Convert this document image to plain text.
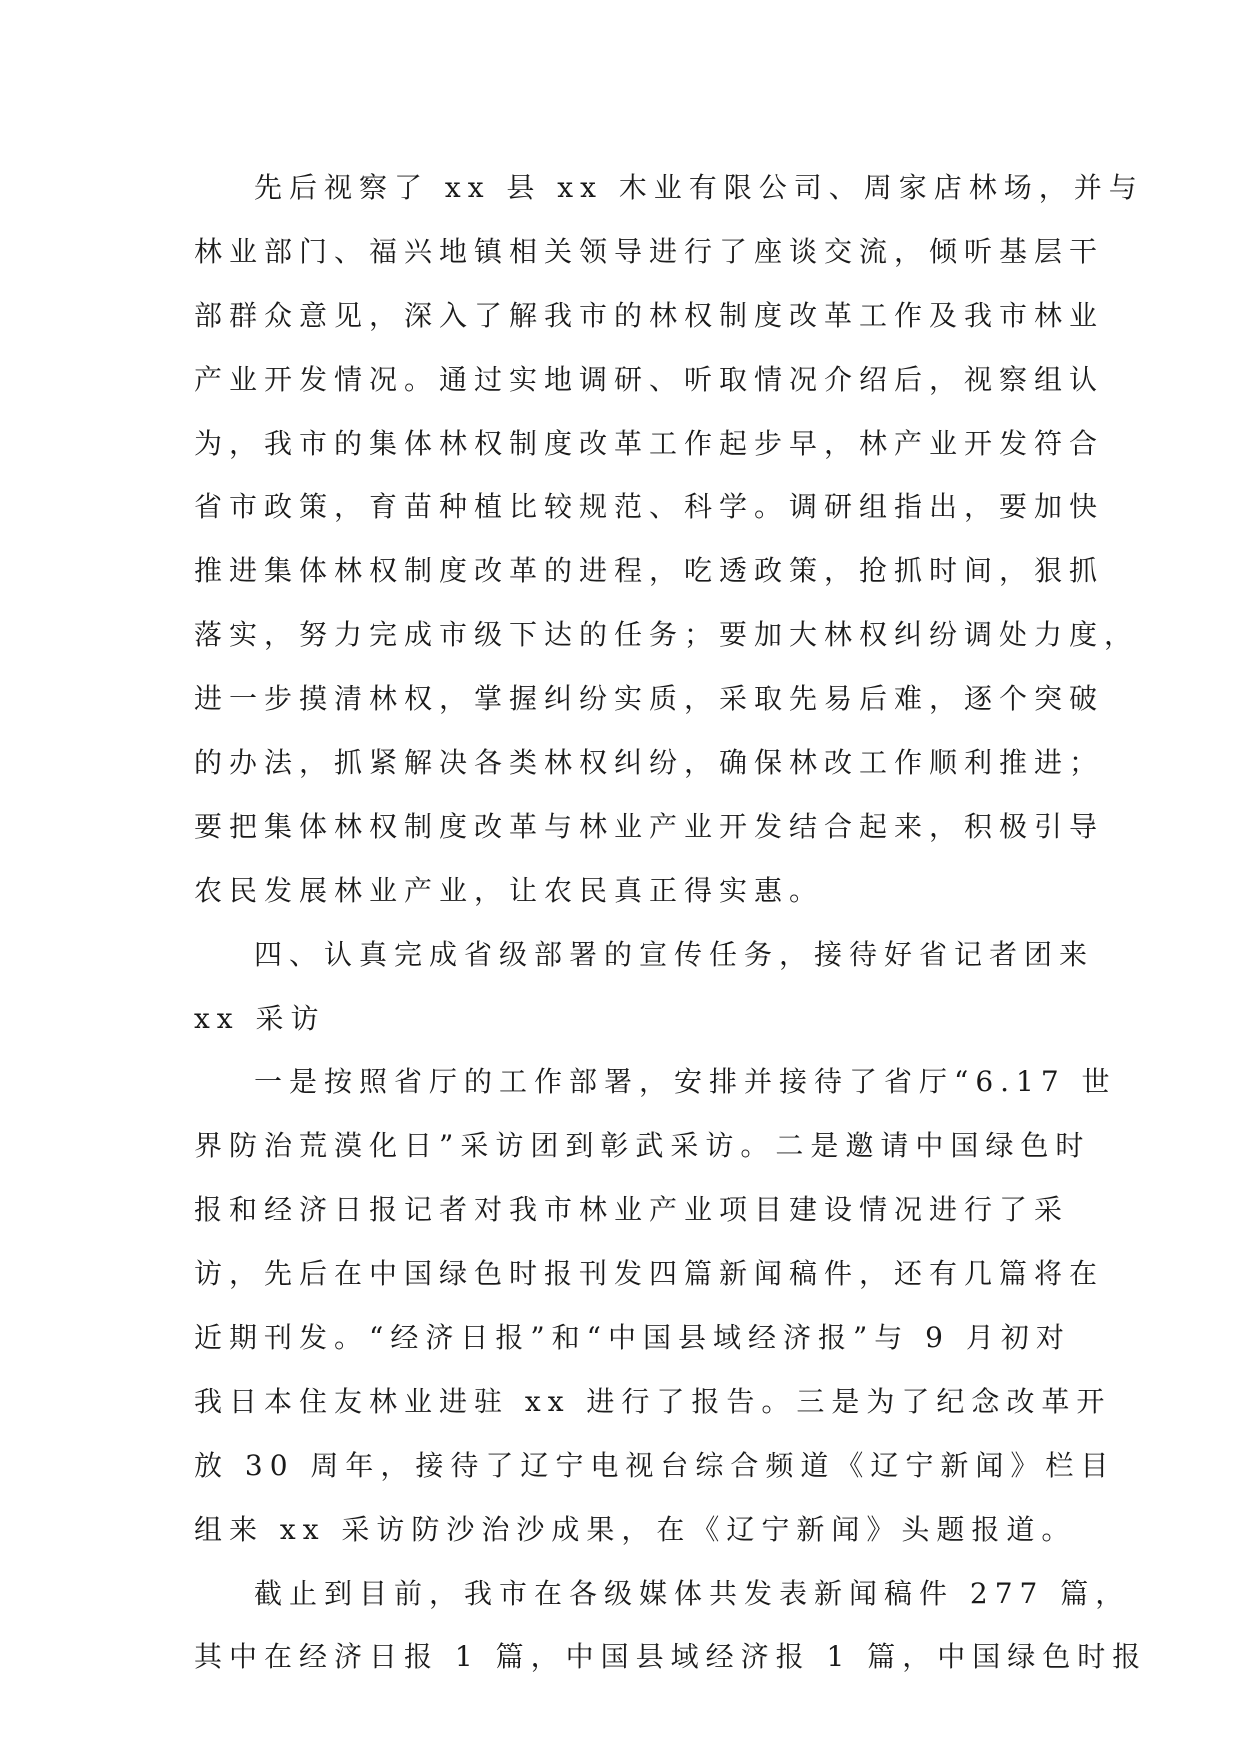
先后视察了 xx 县 xx 木业有限公司、周家店林场，并与
林业部门、福兴地镇相关领导进行了座谈交流，倾听基层干
部群众意见，深入了解我市的林权制度改革工作及我市林业
产业开发情况。通过实地调研、听取情况介绍后，视察组认
为，我市的集体林权制度改革工作起步早，林产业开发符合
省市政策，育苗种植比较规范、科学。调研组指出，要加快
推进集体林权制度改革的进程，吃透政策，抢抓时间，狠抓
落实，努力完成市级下达的任务；要加大林权纠纷调处力度，
进一步摸清林权，掌握纠纷实质，采取先易后难，逐个突破
的办法，抓紧解决各类林权纠纷，确保林改工作顺利推进；
要把集体林权制度改革与林业产业开发结合起来，积极引导
农民发展林业产业，让农民真正得实惠。
四、认真完成省级部署的宣传任务，接待好省记者团来
xx 采访
一是按照省厅的工作部署，安排并接待了省厅“6.17 世
界防治荒漠化日”采访团到彰武采访。二是邀请中国绿色时
报和经济日报记者对我市林业产业项目建设情况进行了采
访，先后在中国绿色时报刊发四篇新闻稿件，还有几篇将在
近期刊发。“经济日报”和“中国县域经济报”与 9 月初对
我日本住友林业进驻 xx 进行了报告。三是为了纪念改革开
放 30 周年，接待了辽宁电视台综合频道《辽宁新闻》栏目
组来 xx 采访防沙治沙成果，在《辽宁新闻》头题报道。
截止到目前，我市在各级媒体共发表新闻稿件 277 篇，
其中在经济日报 1 篇，中国县域经济报 1 篇，中国绿色时报
